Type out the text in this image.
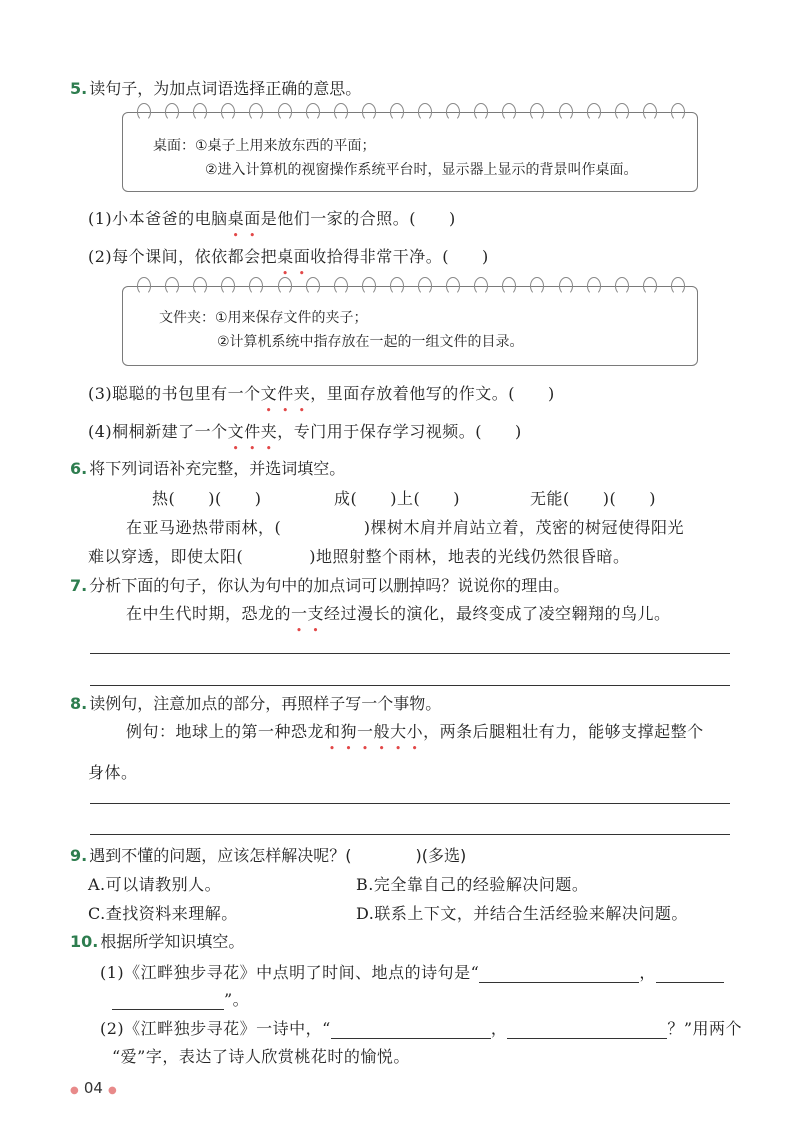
5. 读句子，为加点词语选择正确的意思。
桌面：①桌子上用来放东西的平面；
②进入计算机的视窗操作系统平台时，显示器上显示的背景叫作桌面。
(1)小本爸爸的电脑桌面是他们一家的合照。(　　)
(2)每个课间，依依都会把桌面收拾得非常干净。(　　)
文件夹：①用来保存文件的夹子；
②计算机系统中指存放在一起的一组文件的目录。
(3)聪聪的书包里有一个文件夹，里面存放着他写的作文。(　　)
(4)桐桐新建了一个文件夹，专门用于保存学习视频。(　　)
6. 将下列词语补充完整，并选词填空。
热(　　)(　　)	成(　　)上(　　)	无能(　　)(　　)
在亚马逊热带雨林，(　　　　　)棵树木肩并肩站立着，茂密的树冠使得阳光
难以穿透，即使太阳(　　　　)地照射整个雨林，地表的光线仍然很昏暗。
7. 分析下面的句子，你认为句中的加点词可以删掉吗？说说你的理由。
在中生代时期，恐龙的一支经过漫长的演化，最终变成了凌空翱翔的鸟儿。
8. 读例句，注意加点的部分，再照样子写一个事物。
例句：地球上的第一种恐龙和狗一般大小，两条后腿粗壮有力，能够支撑起整个
身体。
9. 遇到不懂的问题，应该怎样解决呢？(　　　　)(多选)
A.可以请教别人。	B.完全靠自己的经验解决问题。
C.查找资料来理解。	D.联系上下文，并结合生活经验来解决问题。
10. 根据所学知识填空。
(1)《江畔独步寻花》中点明了时间、地点的诗句是“	，
”。
(2)《江畔独步寻花》一诗中，“	，	？”用两个
“爱”字，表达了诗人欣赏桃花时的愉悦。
● 04 ●
